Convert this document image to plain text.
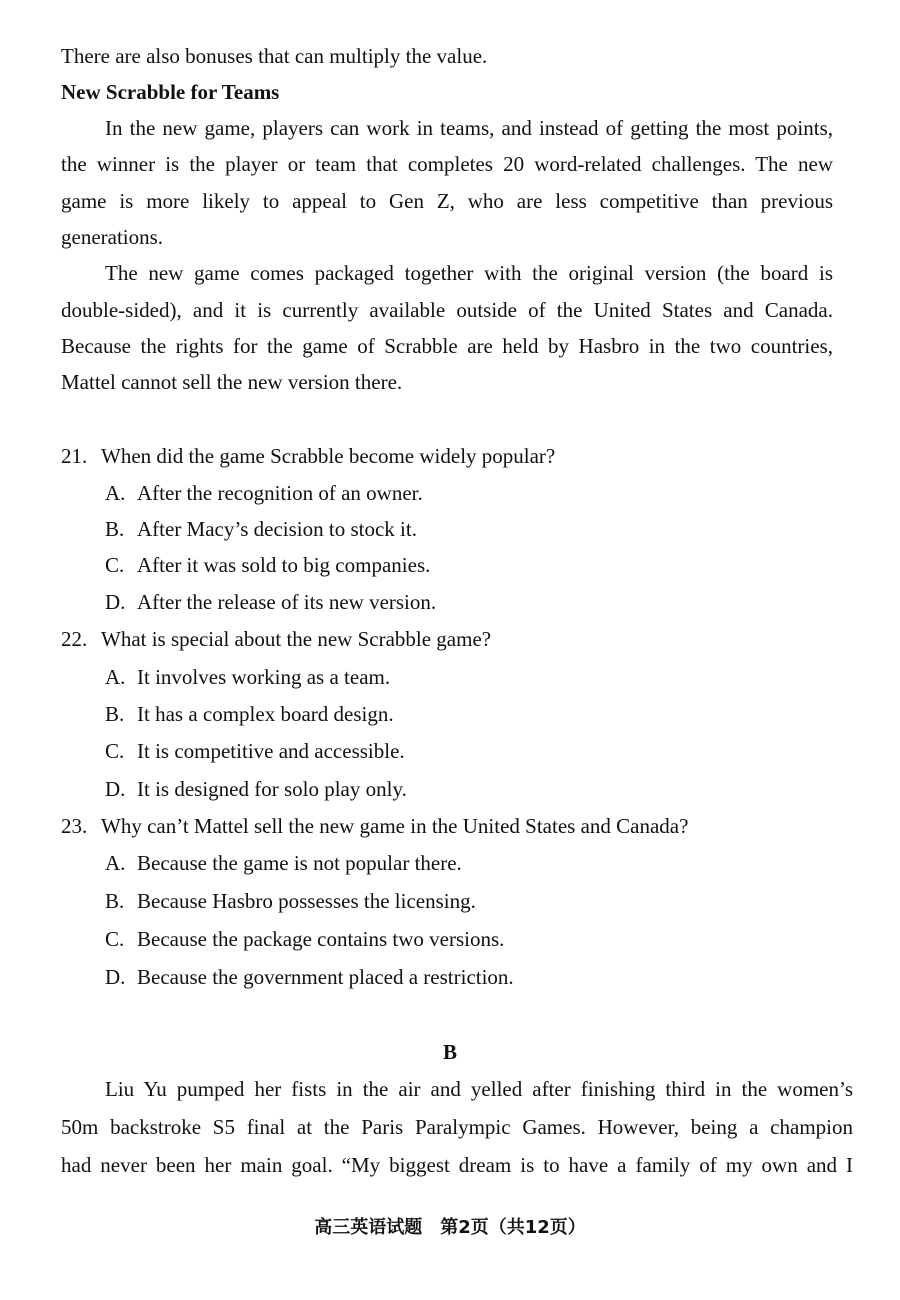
There are also bonuses that can multiply the value.
New Scrabble for Teams
In the new game, players can work in teams, and instead of getting the most points,
the winner is the player or team that completes 20 word-related challenges. The new
game is more likely to appeal to Gen Z, who are less competitive than previous
generations.
The new game comes packaged together with the original version (the board is
double-sided), and it is currently available outside of the United States and Canada.
Because the rights for the game of Scrabble are held by Hasbro in the two countries,
Mattel cannot sell the new version there.
21. When did the game Scrabble become widely popular?
A. After the recognition of an owner.
B. After Macy’s decision to stock it.
C. After it was sold to big companies.
D. After the release of its new version.
22. What is special about the new Scrabble game?
A. It involves working as a team.
B. It has a complex board design.
C. It is competitive and accessible.
D. It is designed for solo play only.
23. Why can’t Mattel sell the new game in the United States and Canada?
A. Because the game is not popular there.
B. Because Hasbro possesses the licensing.
C. Because the package contains two versions.
D. Because the government placed a restriction.
B
Liu Yu pumped her fists in the air and yelled after finishing third in the women’s
50m backstroke S5 final at the Paris Paralympic Games. However, being a champion
had never been her main goal. “My biggest dream is to have a family of my own and I
高三英语试题　第2页（共12页）
